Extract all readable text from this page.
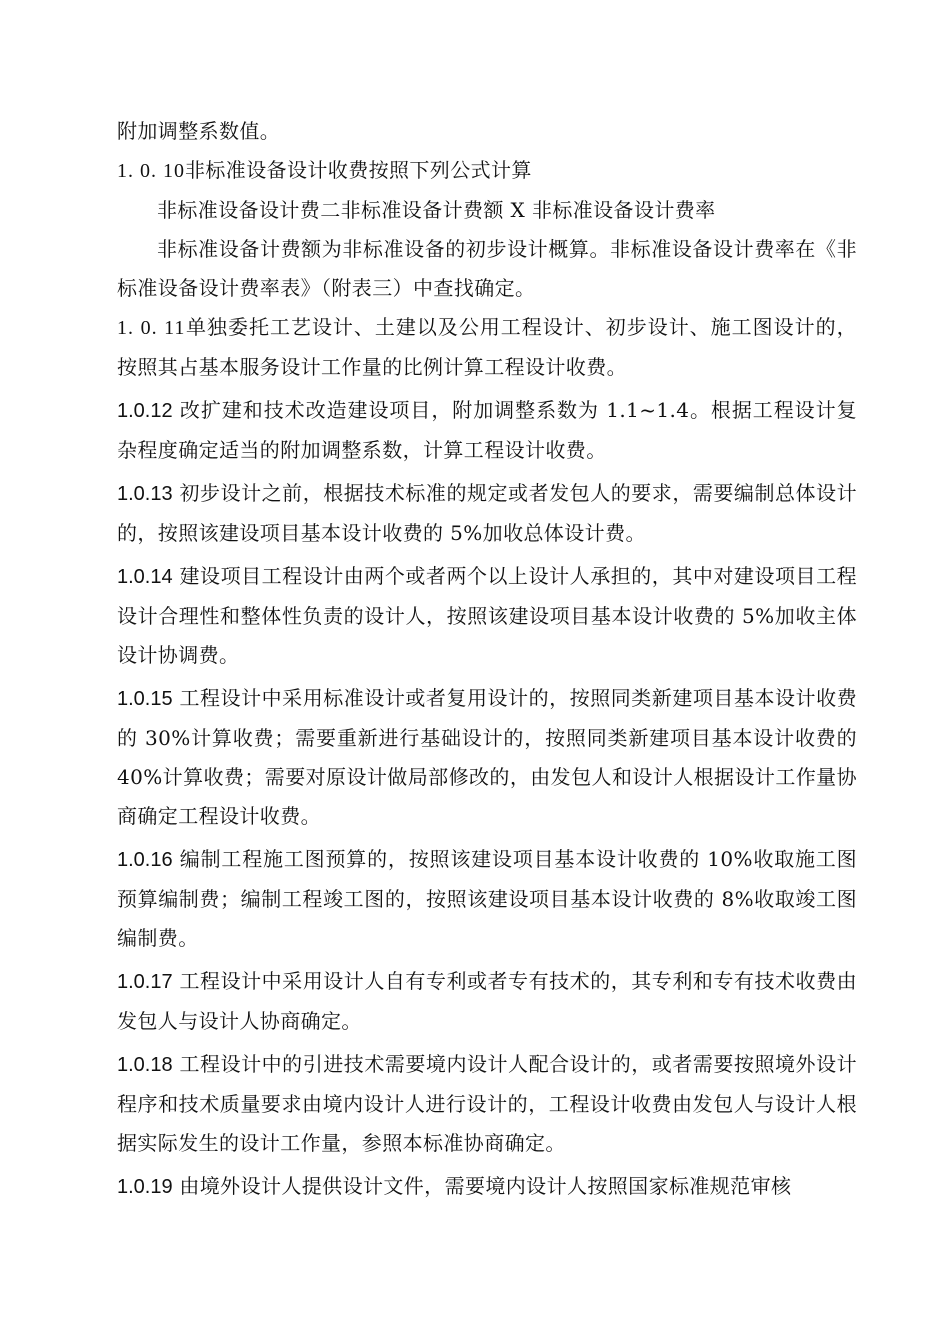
附加调整系数值。

1. 0. 10非标准设备设计收费按照下列公式计算

非标准设备设计费二非标准设备计费额 X 非标准设备设计费率

非标准设备计费额为非标准设备的初步设计概算。非标准设备设计费率在《非标准设备设计费率表》（附表三）中查找确定。

1. 0. 11单独委托工艺设计、土建以及公用工程设计、初步设计、施工图设计的，按照其占基本服务设计工作量的比例计算工程设计收费。

1.0.12 改扩建和技术改造建设项目，附加调整系数为 1.1~1.4。根据工程设计复杂程度确定适当的附加调整系数，计算工程设计收费。

1.0.13 初步设计之前，根据技术标准的规定或者发包人的要求，需要编制总体设计的，按照该建设项目基本设计收费的 5%加收总体设计费。

1.0.14 建设项目工程设计由两个或者两个以上设计人承担的，其中对建设项目工程设计合理性和整体性负责的设计人，按照该建设项目基本设计收费的 5%加收主体设计协调费。

1.0.15 工程设计中采用标准设计或者复用设计的，按照同类新建项目基本设计收费的 30%计算收费；需要重新进行基础设计的，按照同类新建项目基本设计收费的 40%计算收费；需要对原设计做局部修改的，由发包人和设计人根据设计工作量协商确定工程设计收费。

1.0.16 编制工程施工图预算的，按照该建设项目基本设计收费的 10%收取施工图预算编制费；编制工程竣工图的，按照该建设项目基本设计收费的 8%收取竣工图编制费。

1.0.17 工程设计中采用设计人自有专利或者专有技术的，其专利和专有技术收费由发包人与设计人协商确定。

1.0.18 工程设计中的引进技术需要境内设计人配合设计的，或者需要按照境外设计程序和技术质量要求由境内设计人进行设计的，工程设计收费由发包人与设计人根据实际发生的设计工作量，参照本标准协商确定。

1.0.19 由境外设计人提供设计文件，需要境内设计人按照国家标准规范审核
